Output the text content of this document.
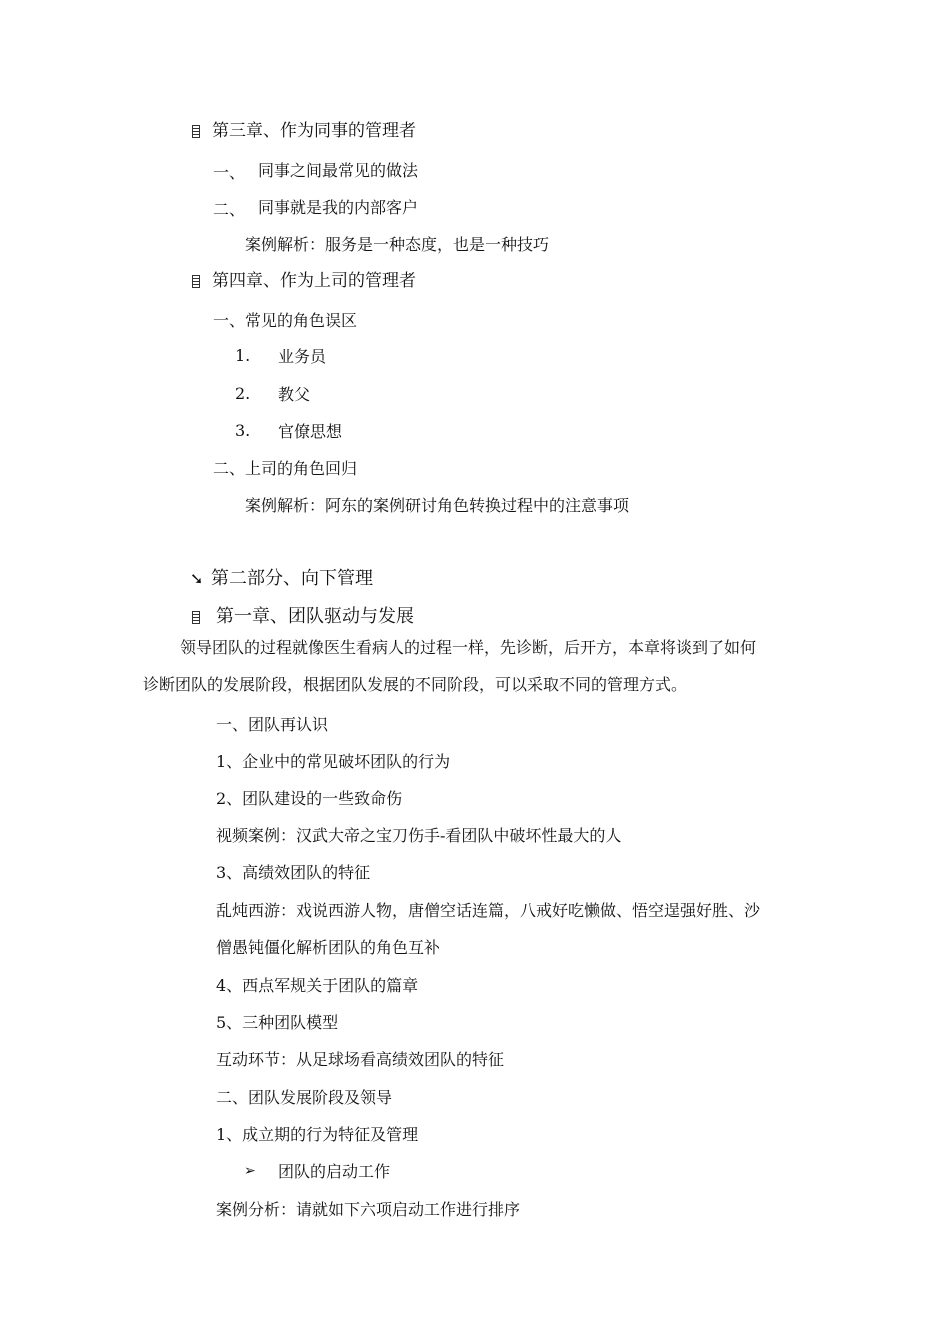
第三章、作为同事的管理者
一、 同事之间最常见的做法
二、 同事就是我的内部客户
案例解析：服务是一种态度，也是一种技巧
第四章、作为上司的管理者
一、常见的角色误区
1. 业务员
2. 教父
3. 官僚思想
二、上司的角色回归
案例解析：阿东的案例研讨角色转换过程中的注意事项
➘ 第二部分、向下管理
第一章、团队驱动与发展
领导团队的过程就像医生看病人的过程一样，先诊断，后开方，本章将谈到了如何
诊断团队的发展阶段，根据团队发展的不同阶段，可以采取不同的管理方式。
一、团队再认识
1、企业中的常见破坏团队的行为
2、团队建设的一些致命伤
视频案例：汉武大帝之宝刀伤手-看团队中破坏性最大的人
3、高绩效团队的特征
乱炖西游：戏说西游人物，唐僧空话连篇，八戒好吃懒做、悟空逞强好胜、沙
僧愚钝僵化解析团队的角色互补
4、西点军规关于团队的篇章
5、三种团队模型
互动环节：从足球场看高绩效团队的特征
二、团队发展阶段及领导
1、成立期的行为特征及管理
➢ 团队的启动工作
案例分析：请就如下六项启动工作进行排序
